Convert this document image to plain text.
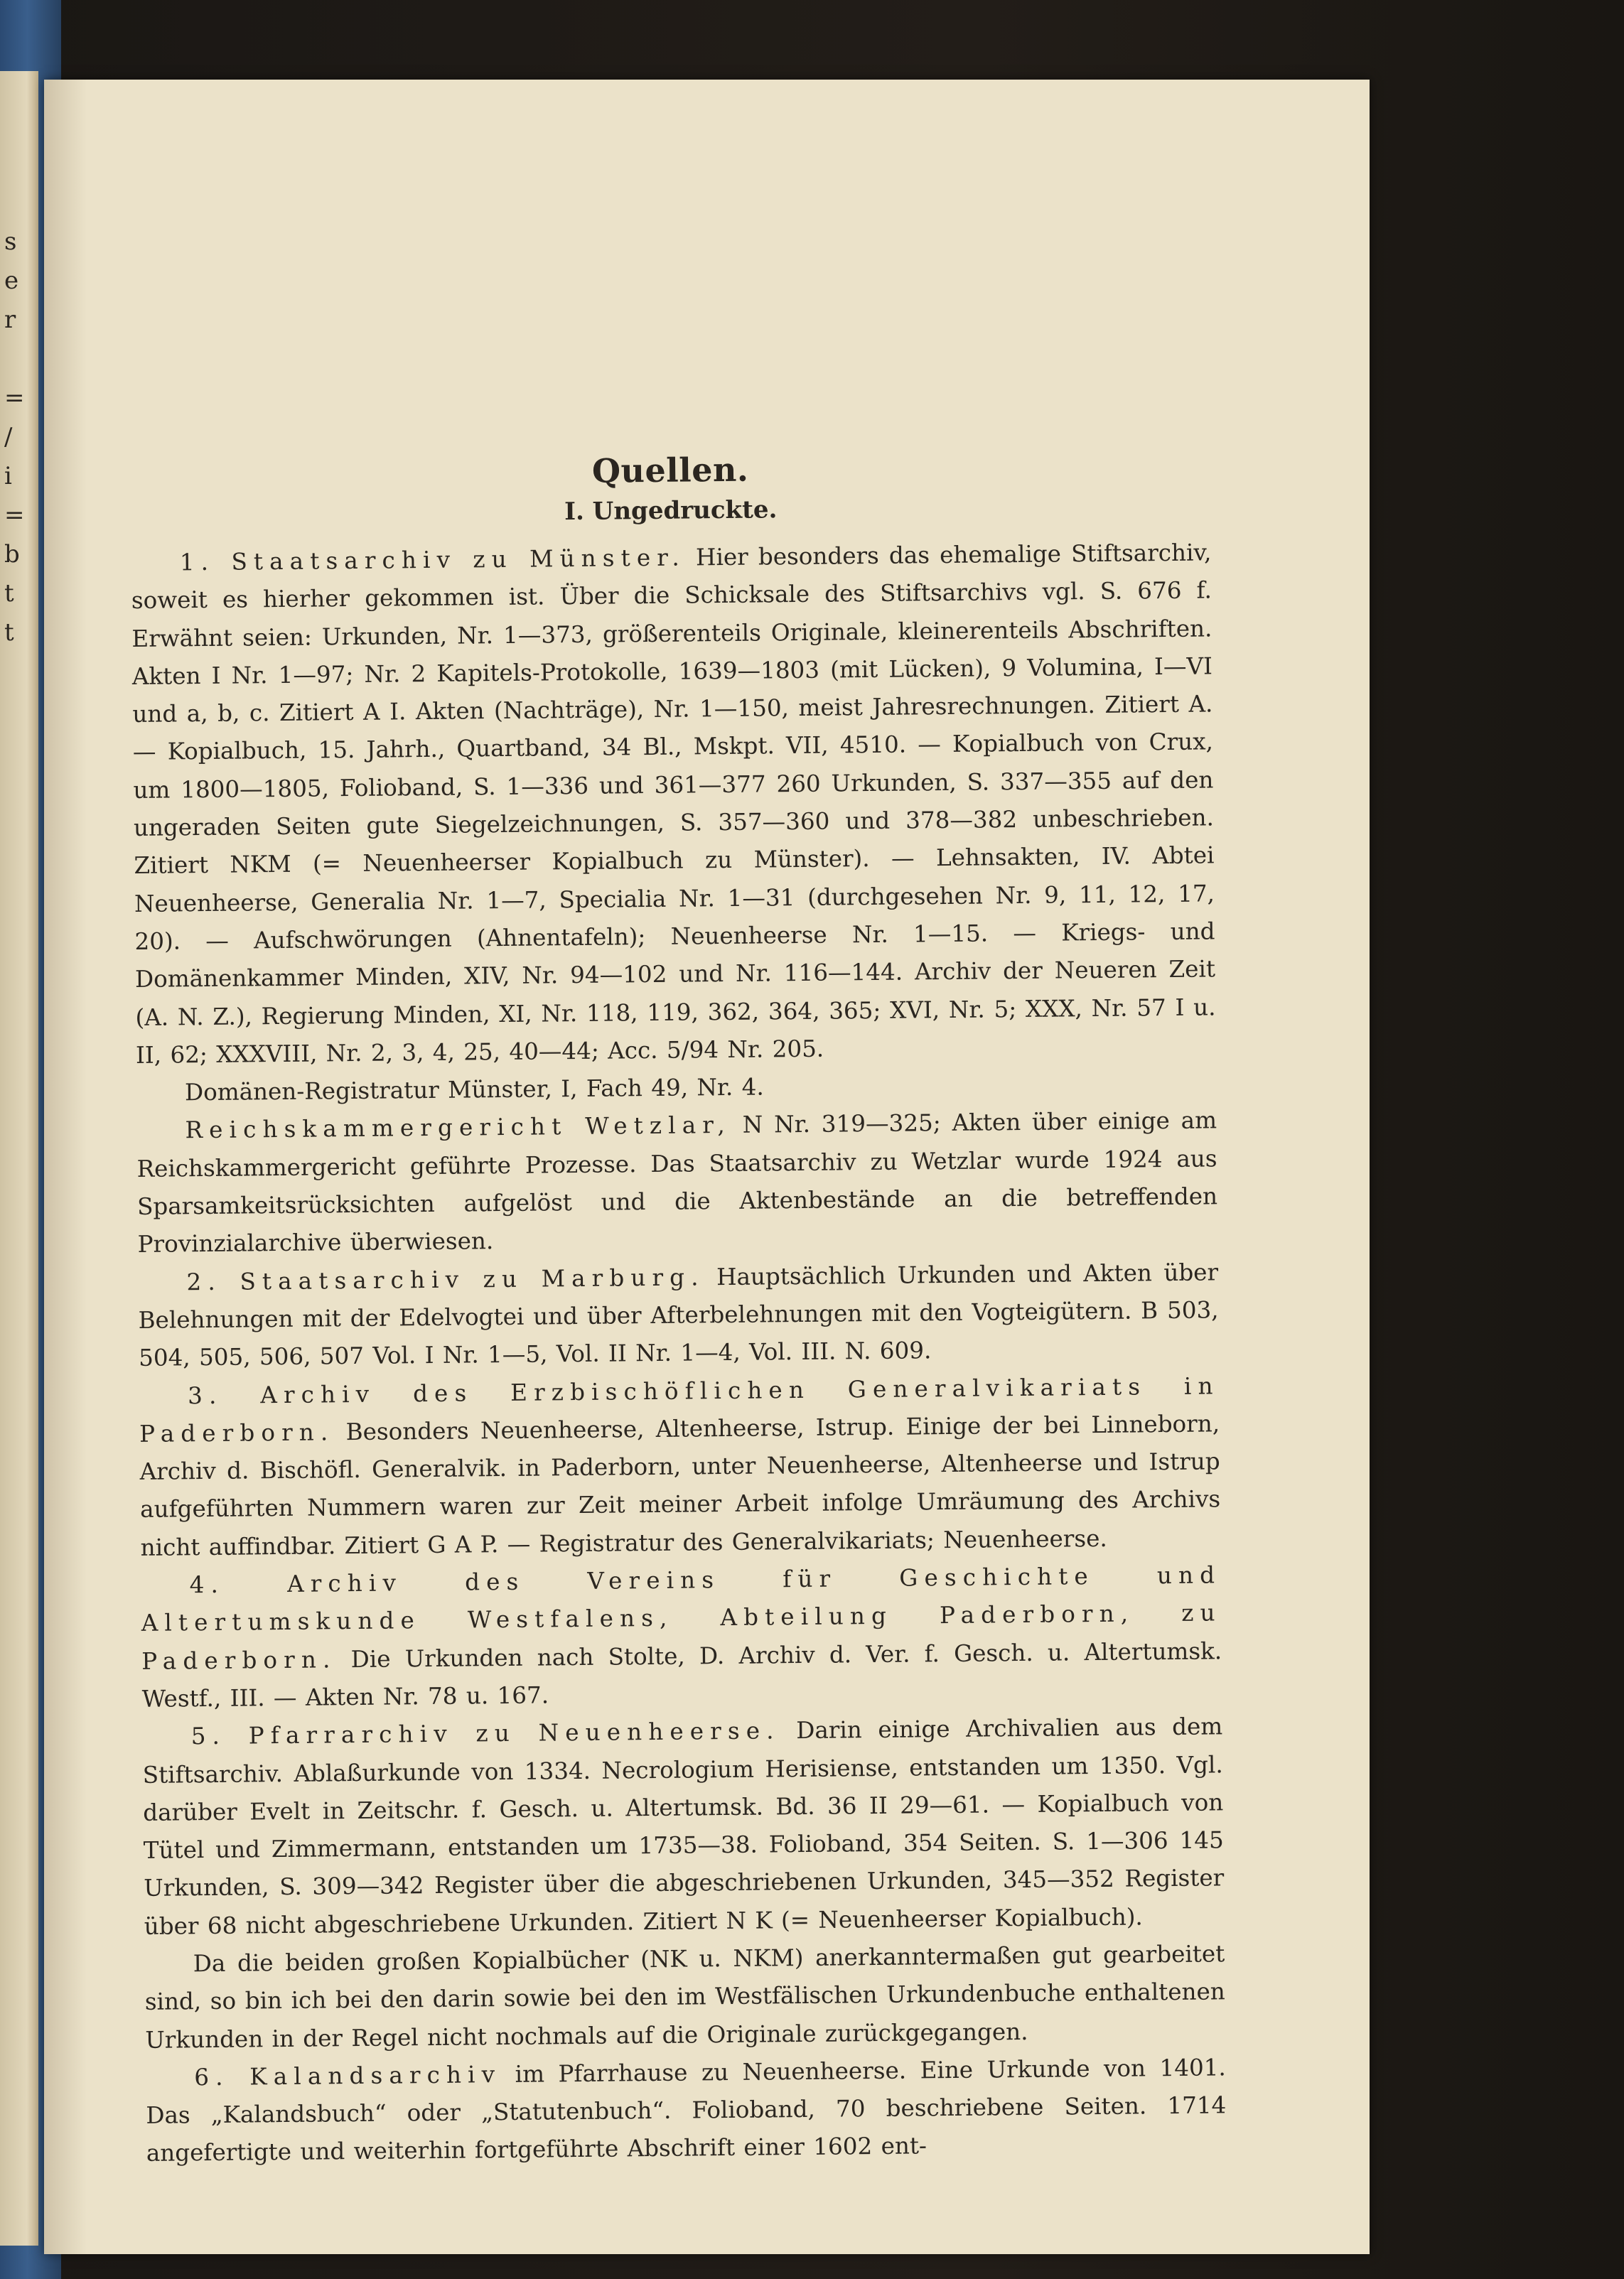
s
e
r
=
/
i
=
b
t
t
Quellen.
I. Ungedruckte.

1. Staatsarchiv zu Münster. Hier besonders das ehemalige Stiftsarchiv, soweit es hierher gekommen ist. Über die Schicksale des Stiftsarchivs vgl. S. 676 f. Erwähnt seien: Urkunden, Nr. 1—373, größerenteils Originale, kleinerenteils Abschriften. Akten I Nr. 1—97; Nr. 2 Kapitels-Protokolle, 1639—1803 (mit Lücken), 9 Volumina, I—VI und a, b, c. Zitiert A I. Akten (Nachträge), Nr. 1—150, meist Jahresrechnungen. Zitiert A. — Kopialbuch, 15. Jahrh., Quartband, 34 Bl., Mskpt. VII, 4510. — Kopialbuch von Crux, um 1800—1805, Folioband, S. 1—336 und 361—377 260 Urkunden, S. 337—355 auf den ungeraden Seiten gute Siegelzeichnungen, S. 357—360 und 378—382 unbeschrieben. Zitiert NKM (= Neuenheerser Kopialbuch zu Münster). — Lehnsakten, IV. Abtei Neuenheerse, Generalia Nr. 1—7, Specialia Nr. 1—31 (durchgesehen Nr. 9, 11, 12, 17, 20). — Aufschwörungen (Ahnentafeln); Neuenheerse Nr. 1—15. — Kriegs- und Domänenkammer Minden, XIV, Nr. 94—102 und Nr. 116—144. Archiv der Neueren Zeit (A. N. Z.), Regierung Minden, XI, Nr. 118, 119, 362, 364, 365; XVI, Nr. 5; XXX, Nr. 57 I u. II, 62; XXXVIII, Nr. 2, 3, 4, 25, 40—44; Acc. 5/94 Nr. 205.

Domänen-Registratur Münster, I, Fach 49, Nr. 4.

Reichskammergericht Wetzlar, N Nr. 319—325; Akten über einige am Reichskammergericht geführte Prozesse. Das Staatsarchiv zu Wetzlar wurde 1924 aus Sparsamkeitsrücksichten aufgelöst und die Aktenbestände an die betreffenden Provinzialarchive überwiesen.

2. Staatsarchiv zu Marburg. Hauptsächlich Urkunden und Akten über Belehnungen mit der Edelvogtei und über Afterbelehnungen mit den Vogteigütern. B 503, 504, 505, 506, 507 Vol. I Nr. 1—5, Vol. II Nr. 1—4, Vol. III. N. 609.

3. Archiv des Erzbischöflichen Generalvikariats in Paderborn. Besonders Neuenheerse, Altenheerse, Istrup. Einige der bei Linneborn, Archiv d. Bischöfl. Generalvik. in Paderborn, unter Neuenheerse, Altenheerse und Istrup aufgeführten Nummern waren zur Zeit meiner Arbeit infolge Umräumung des Archivs nicht auffindbar. Zitiert G A P. — Registratur des Generalvikariats; Neuenheerse.

4. Archiv des Vereins für Geschichte und Altertumskunde Westfalens, Abteilung Paderborn, zu Paderborn. Die Urkunden nach Stolte, D. Archiv d. Ver. f. Gesch. u. Altertumsk. Westf., III. — Akten Nr. 78 u. 167.

5. Pfarrarchiv zu Neuenheerse. Darin einige Archivalien aus dem Stiftsarchiv. Ablaßurkunde von 1334. Necrologium Herisiense, entstanden um 1350. Vgl. darüber Evelt in Zeitschr. f. Gesch. u. Altertumsk. Bd. 36 II 29—61. — Kopialbuch von Tütel und Zimmermann, entstanden um 1735—38. Folioband, 354 Seiten. S. 1—306 145 Urkunden, S. 309—342 Register über die abgeschriebenen Urkunden, 345—352 Register über 68 nicht abgeschriebene Urkunden. Zitiert N K (= Neuenheerser Kopialbuch).

Da die beiden großen Kopialbücher (NK u. NKM) anerkanntermaßen gut gearbeitet sind, so bin ich bei den darin sowie bei den im Westfälischen Urkundenbuche enthaltenen Urkunden in der Regel nicht nochmals auf die Originale zurückgegangen.

6. Kalandsarchiv im Pfarrhause zu Neuenheerse. Eine Urkunde von 1401. Das „Kalandsbuch“ oder „Statutenbuch“. Folioband, 70 beschriebene Seiten. 1714 angefertigte und weiterhin fortgeführte Abschrift einer 1602 ent-
